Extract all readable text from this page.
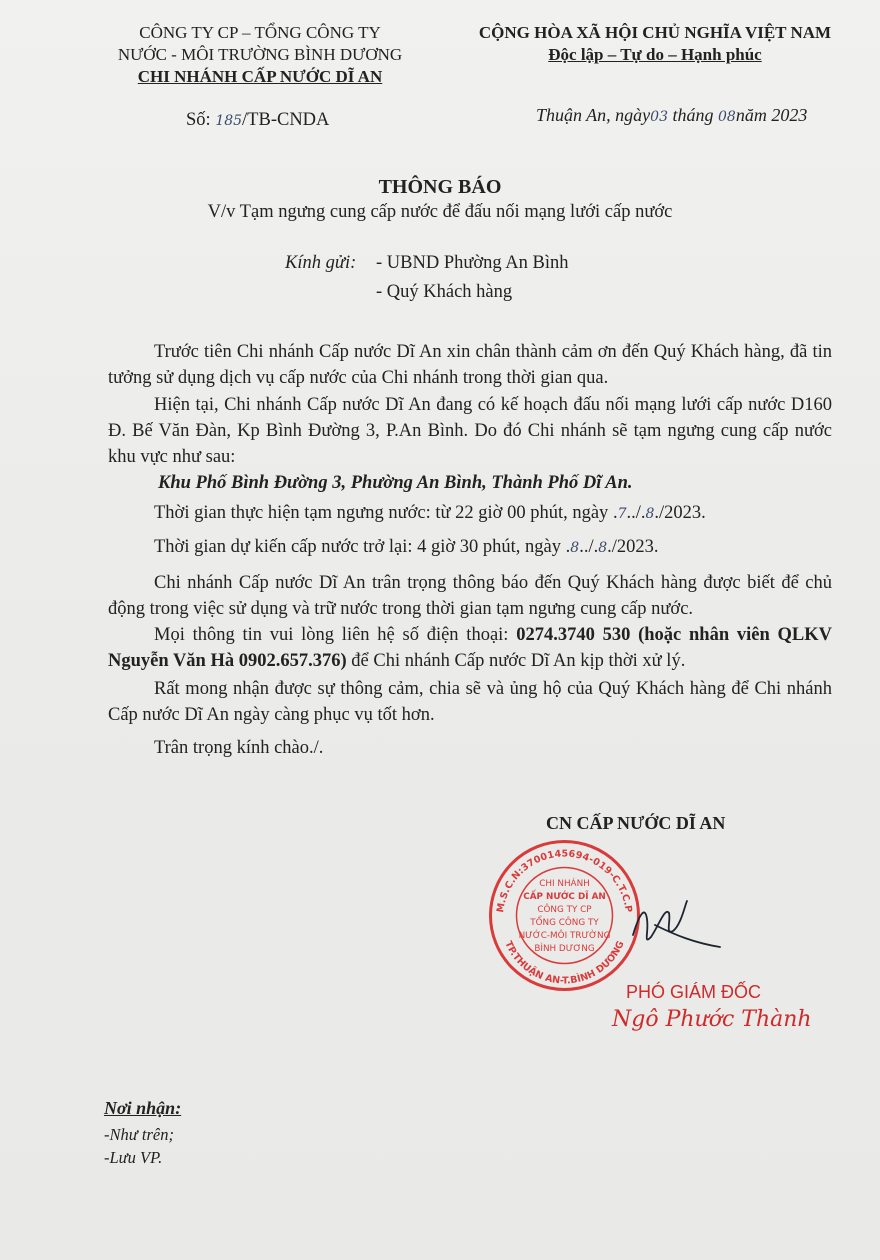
CÔNG TY CP – TỔNG CÔNG TY
NƯỚC - MÔI TRƯỜNG BÌNH DƯƠNG
CHI NHÁNH CẤP NƯỚC DĨ AN
CỘNG HÒA XÃ HỘI CHỦ NGHĨA VIỆT NAM
Độc lập – Tự do – Hạnh phúc
Số: 185/TB-CNDA	Thuận An, ngày03 tháng 08năm 2023
THÔNG BÁO
V/v Tạm ngưng cung cấp nước để đấu nối mạng lưới cấp nước
Kính gửi: - UBND Phường An Bình
- Quý Khách hàng
Trước tiên Chi nhánh Cấp nước Dĩ An xin chân thành cảm ơn đến Quý Khách hàng, đã tin tưởng sử dụng dịch vụ cấp nước của Chi nhánh trong thời gian qua.
Hiện tại, Chi nhánh Cấp nước Dĩ An đang có kế hoạch đấu nối mạng lưới cấp nước D160 Đ. Bế Văn Đàn, Kp Bình Đường 3, P.An Bình. Do đó Chi nhánh sẽ tạm ngưng cung cấp nước khu vực như sau:
Khu Phố Bình Đường 3, Phường An Bình, Thành Phố Dĩ An.
Thời gian thực hiện tạm ngưng nước: từ 22 giờ 00 phút, ngày .7../.8./2023.
Thời gian dự kiến cấp nước trở lại: 4 giờ 30 phút, ngày .8../.8./2023.
Chi nhánh Cấp nước Dĩ An trân trọng thông báo đến Quý Khách hàng được biết để chủ động trong việc sử dụng và trữ nước trong thời gian tạm ngưng cung cấp nước.
Mọi thông tin vui lòng liên hệ số điện thoại: 0274.3740 530 (hoặc nhân viên QLKV Nguyễn Văn Hà 0902.657.376) để Chi nhánh Cấp nước Dĩ An kịp thời xử lý.
Rất mong nhận được sự thông cảm, chia sẽ và ủng hộ của Quý Khách hàng để Chi nhánh Cấp nước Dĩ An ngày càng phục vụ tốt hơn.
Trân trọng kính chào./.
CN CẤP NƯỚC DĨ AN
M.S.C.N:3700145694-019-C.T.C.P
TP.THUẬN AN-T.BÌNH DƯƠNG
CHI NHÁNH
CẤP NƯỚC DĨ AN
CÔNG TY CP
TỔNG CÔNG TY
NƯỚC-MÔI TRƯỜNG
BÌNH DƯƠNG
PHÓ GIÁM ĐỐC
Ngô Phước Thành
Nơi nhận:
-Như trên;
-Lưu VP.
